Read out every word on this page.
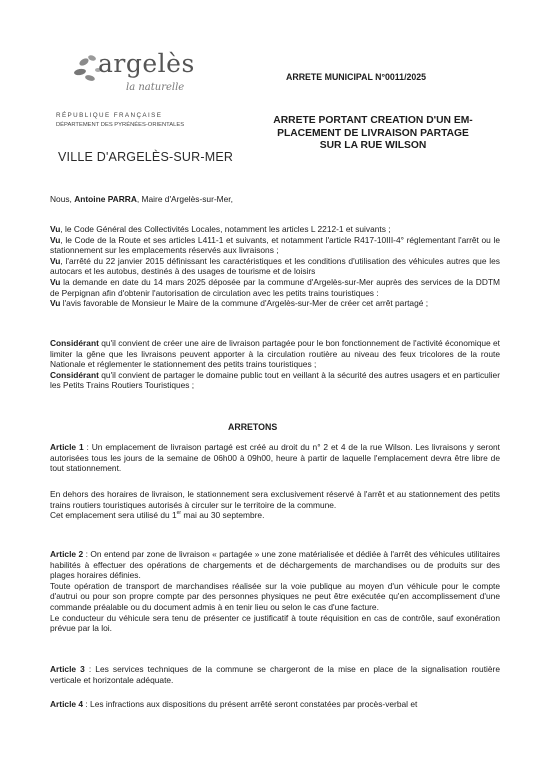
argelès
la naturelle
RÉPUBLIQUE FRANÇAISE
DÉPARTEMENT DES PYRÉNÉES-ORIENTALES
VILLE D'ARGELÈS-SUR-MER
ARRETE MUNICIPAL N°0011/2025
ARRETE PORTANT CREATION D'UN EM-
PLACEMENT DE LIVRAISON PARTAGE
SUR LA RUE WILSON
Nous, Antoine PARRA, Maire d'Argelès-sur-Mer,
Vu, le Code Général des Collectivités Locales, notamment les articles L 2212-1 et suivants ;
Vu, le Code de la Route et ses articles L411-1 et suivants, et notamment l'article R417-10III-4° réglementant l'arrêt ou le stationnement sur les emplacements réservés aux livraisons ;
Vu, l'arrêté du 22 janvier 2015 définissant les caractéristiques et les conditions d'utilisation des véhicules autres que les autocars et les autobus, destinés à des usages de tourisme et de loisirs
Vu la demande en date du 14 mars 2025 déposée par la commune d'Argelès-sur-Mer auprès des services de la DDTM de Perpignan afin d'obtenir l'autorisation de circulation avec les petits trains touristiques :
Vu l'avis favorable de Monsieur le Maire de la commune d'Argelès-sur-Mer de créer cet arrêt partagé ;
Considérant qu'il convient de créer une aire de livraison partagée pour le bon fonctionnement de l'activité économique et limiter la gêne que les livraisons peuvent apporter à la circulation routière au niveau des feux tricolores de la route Nationale et réglementer le stationnement des petits trains touristiques ;
Considérant qu'il convient de partager le domaine public tout en veillant à la sécurité des autres usagers et en particulier les Petits Trains Routiers Touristiques ;
ARRETONS
Article 1 : Un emplacement de livraison partagé est créé au droit du n° 2 et 4 de la rue Wilson. Les livraisons y seront autorisées tous les jours de la semaine de 06h00 à 09h00, heure à partir de laquelle l'emplacement devra être libre de tout stationnement.
En dehors des horaires de livraison, le stationnement sera exclusivement réservé à l'arrêt et au stationnement des petits trains routiers touristiques autorisés à circuler sur le territoire de la commune.
Cet emplacement sera utilisé du 1er mai au 30 septembre.
Article 2 : On entend par zone de livraison « partagée » une zone matérialisée et dédiée à l'arrêt des véhicules utilitaires habilités à effectuer des opérations de chargements et de déchargements de marchandises ou de produits sur des plages horaires définies.
Toute opération de transport de marchandises réalisée sur la voie publique au moyen d'un véhicule pour le compte d'autrui ou pour son propre compte par des personnes physiques ne peut être exécutée qu'en accomplissement d'une commande préalable ou du document admis à en tenir lieu ou selon le cas d'une facture.
Le conducteur du véhicule sera tenu de présenter ce justificatif à toute réquisition en cas de contrôle, sauf exonération prévue par la loi.
Article 3 : Les services techniques de la commune se chargeront de la mise en place de la signalisation routière verticale et horizontale adéquate.
Article 4 : Les infractions aux dispositions du présent arrêté seront constatées par procès-verbal et
